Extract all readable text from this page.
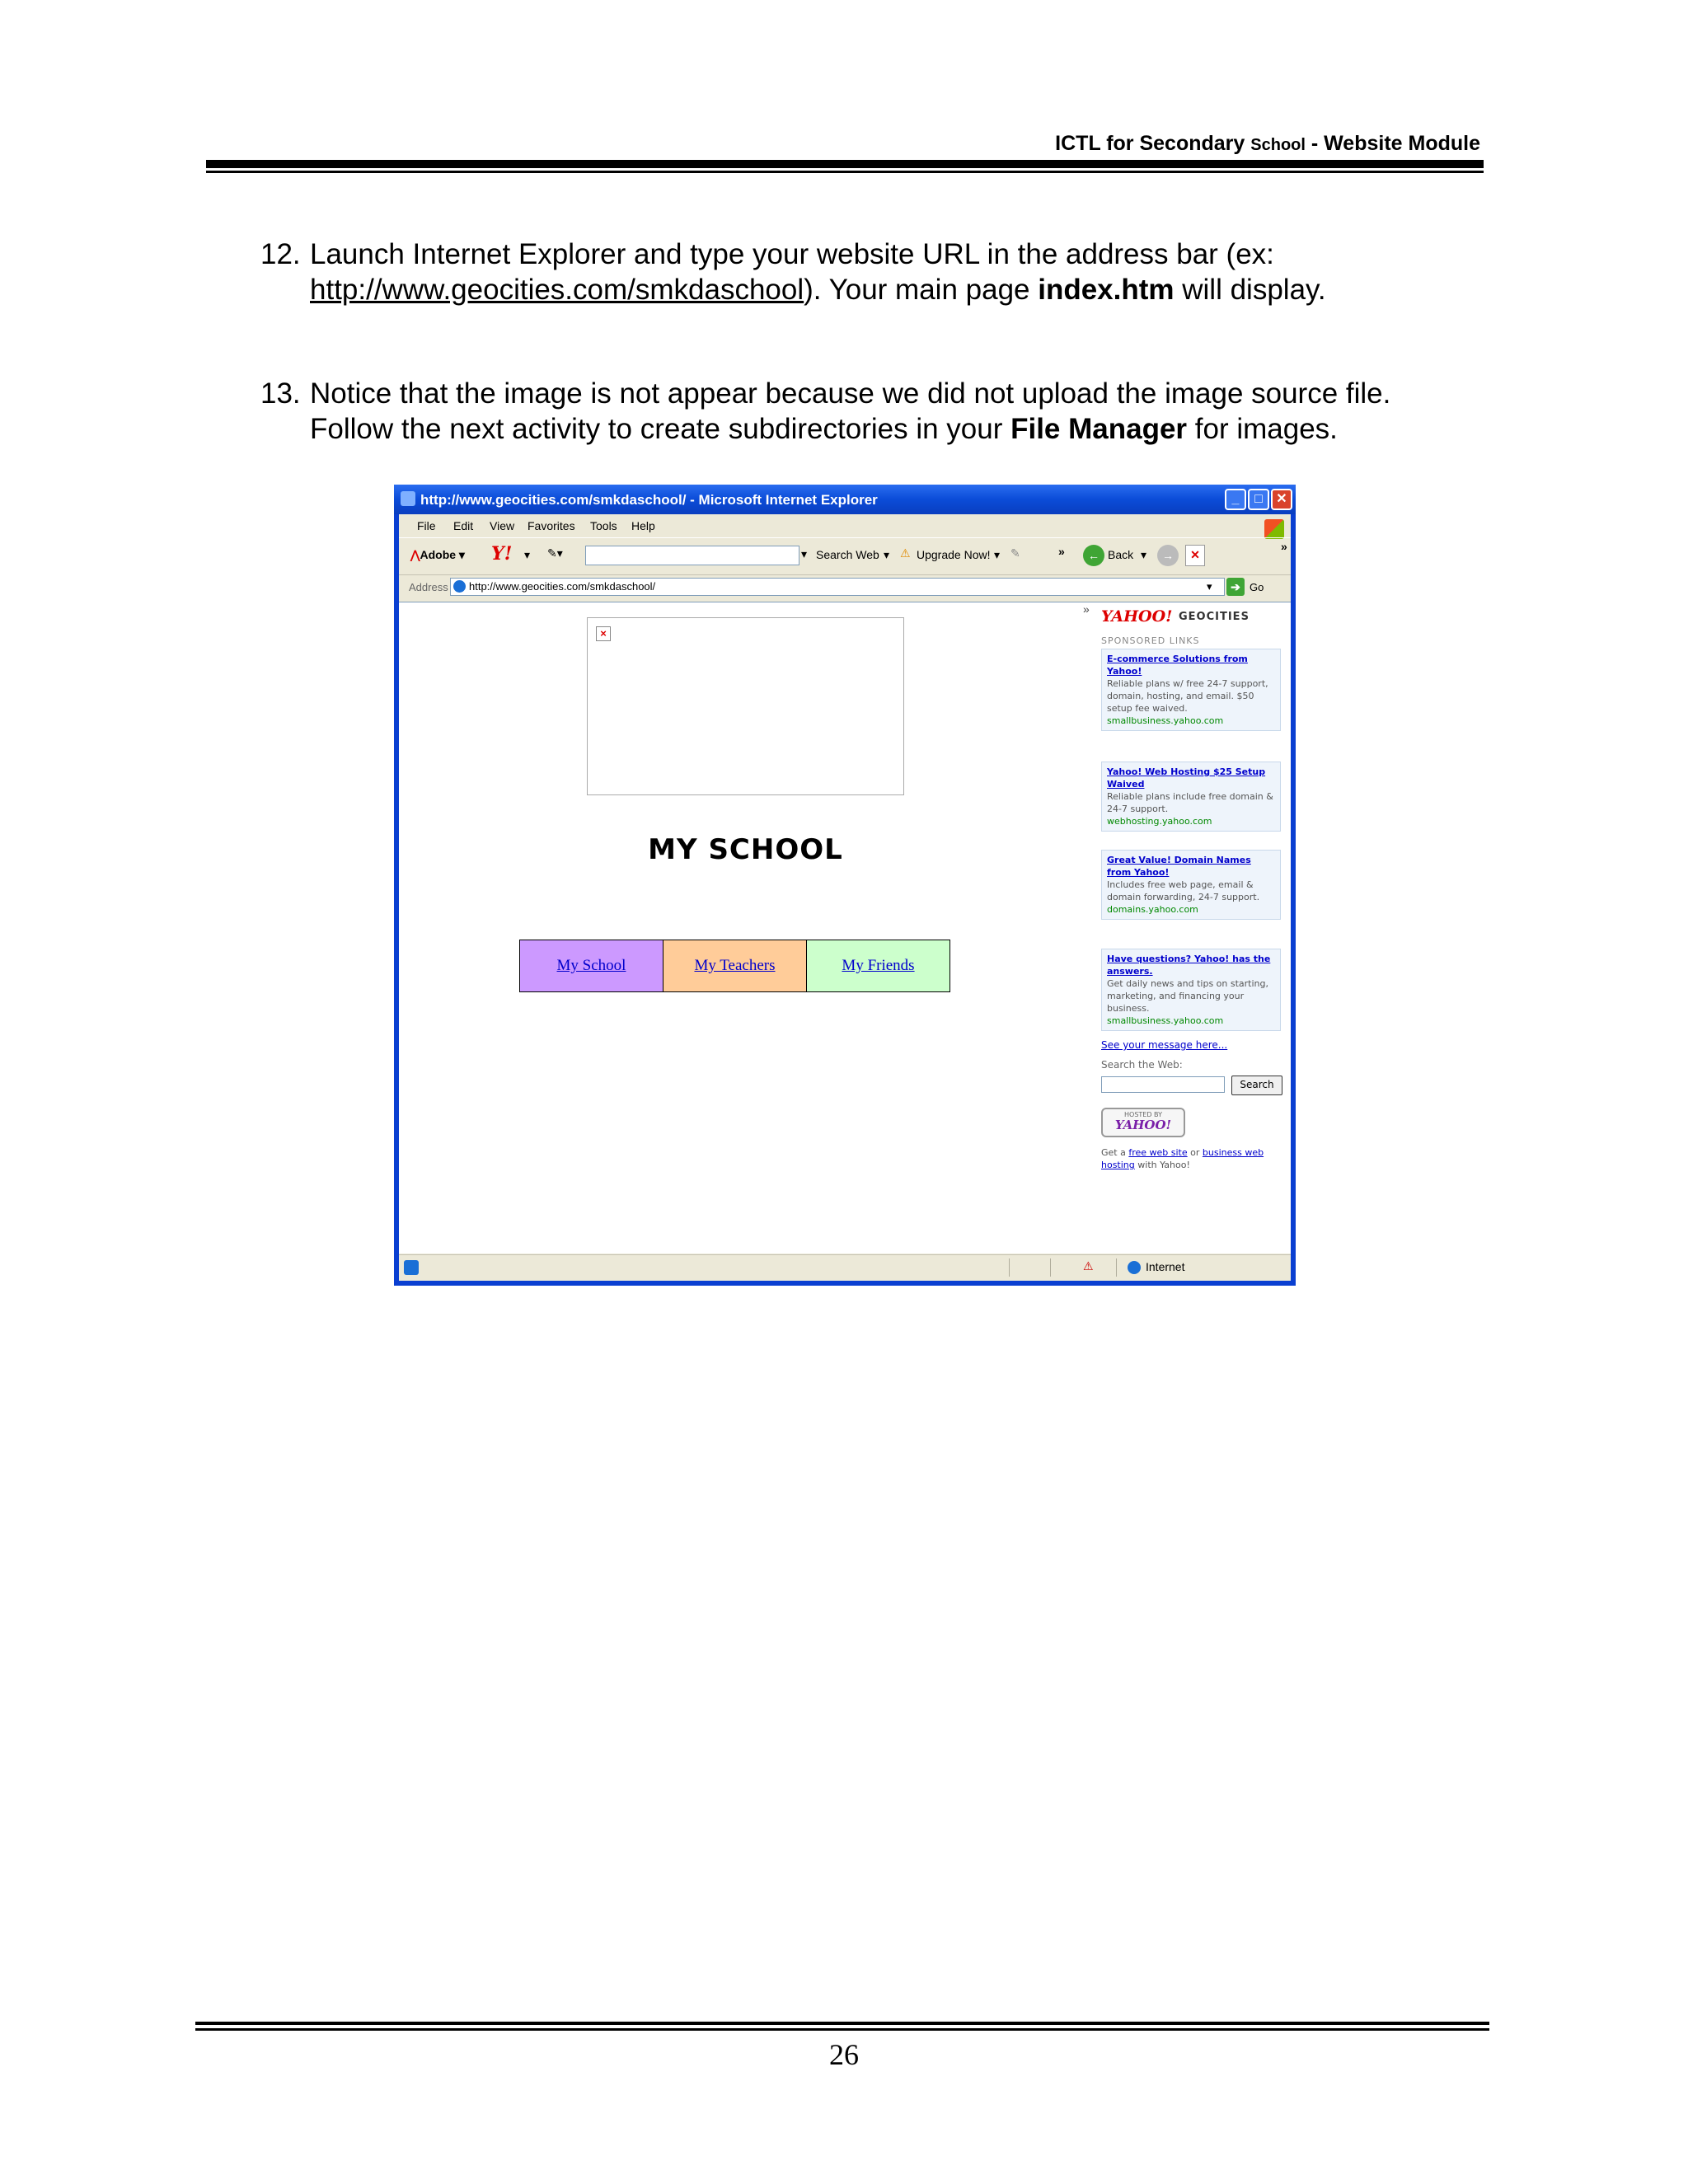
ICTL for Secondary School - Website Module
12. Launch Internet Explorer and type your website URL in the address bar (ex:
http://www.geocities.com/smkdaschool). Your main page index.htm will display.
13. Notice that the image is not appear because we did not upload the image source file. Follow the next activity to create subdirectories in your File Manager for images.
http://www.geocities.com/smkdaschool/ - Microsoft Internet Explorer	_	□	✕
File Edit View Favorites Tools Help
⋀Adobe ▾ Y! ▾ ✎▾	▾ Search Web ▾ ⚠ Upgrade Now! ▾ ✎	»	← Back ▾	→	✕
»
Address	http://www.geocities.com/smkdaschool/	▾	➔ Go
×
MY SCHOOL
My School	My Teachers	My Friends
» YAHOO! GEOCITIES
SPONSORED LINKS
E-commerce Solutions from Yahoo!
Reliable plans w/ free 24-7 support, domain, hosting, and email. $50 setup fee waived.
smallbusiness.yahoo.com
Yahoo! Web Hosting $25 Setup Waived
Reliable plans include free domain & 24-7 support.
webhosting.yahoo.com
Great Value! Domain Names from Yahoo!
Includes free web page, email & domain forwarding, 24-7 support.
domains.yahoo.com
Have questions? Yahoo! has the answers.
Get daily news and tips on starting, marketing, and financing your business.
smallbusiness.yahoo.com
See your message here...
Search the Web:
Search
HOSTED BY
YAHOO!
Get a free web site or business web hosting with Yahoo!
⚠	Internet
26
